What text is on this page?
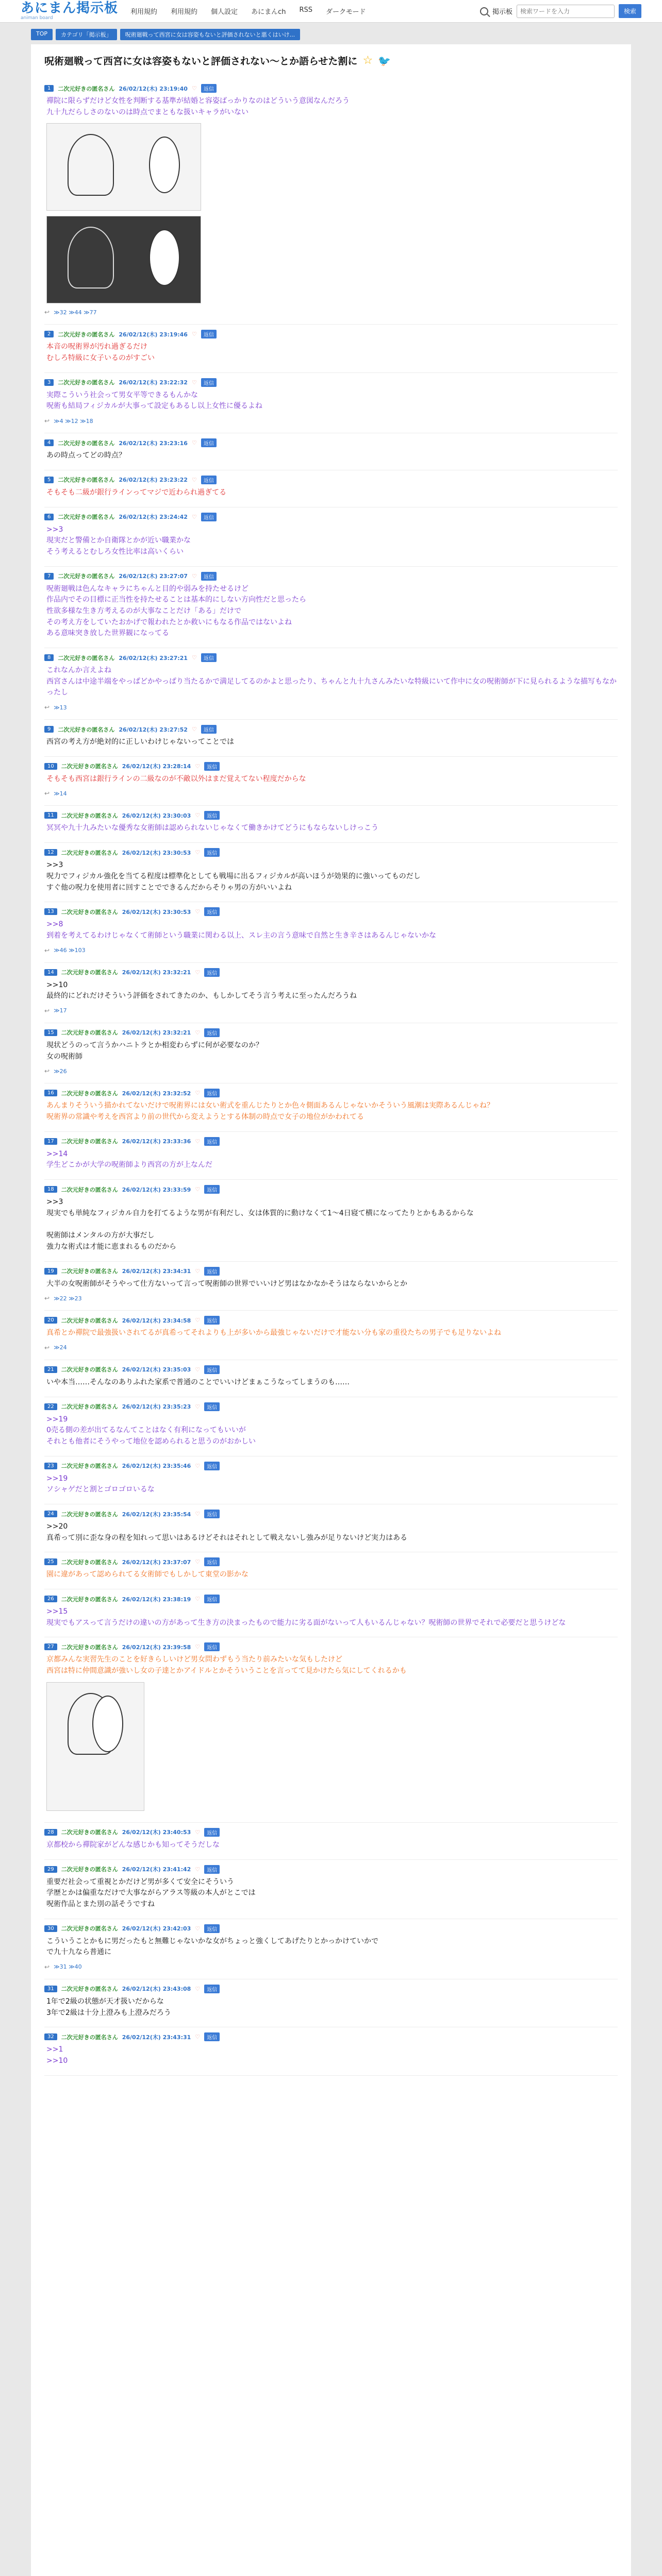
あにまん掲示板
animan board
利用規約 利用規約 個人設定 あにまんch RSS ダークモード	掲示板
検索ワードを入力	検索
TOP	カテゴリ「掲示板」	呪術廻戦って西宮に女は容姿もないと評価されないと悪くはいけ...
呪術廻戦って西宮に女は容姿もないと評価されない〜とか語らせた割に ☆ 🐦
1	二次元好きの匿名さん 26/02/12(木) 23:19:40 ♡	返信
禪院に限らずだけど女性を判断する基準が結婚と容姿ばっかりなのはどういう意図なんだろう
九十九だらしさのないのは時点でまともな扱いキャラがいない
↩ ≫32 ≫44 ≫77
2	二次元好きの匿名さん 26/02/12(木) 23:19:46 ♡	返信
本音の呪術界が汚れ過ぎるだけ
むしろ特級に女子いるのがすごい
3	二次元好きの匿名さん 26/02/12(木) 23:22:32 ♡	返信
実際こういう社会って男女平等できるもんかな
呪術も結局フィジカルが大事って設定もあるし以上女性に優るよね
↩ ≫4 ≫12 ≫18
4	二次元好きの匿名さん 26/02/12(木) 23:23:16 ♡	返信
あの時点ってどの時点？
5	二次元好きの匿名さん 26/02/12(木) 23:23:22 ♡	返信
そもそも二級が銀行ラインってマジで近わられ過ぎてる
6	二次元好きの匿名さん 26/02/12(木) 23:24:42 ♡	返信
>>3
現実だと警備とか自衛隊とかが近い職業かな
そう考えるとむしろ女性比率は高いくらい
7	二次元好きの匿名さん 26/02/12(木) 23:27:07 ♡	返信
呪術廻戦は色んなキャラにちゃんと目的や弱みを持たせるけど
作品内でその目標に正当性を持たせることは基本的にしない方向性だと思ったら
性欲多様な生き方考えるのが大事なことだけ「ある」だけで
その考え方をしていたおかげで報われたとか救いにもなる作品ではないよね
ある意味突き放した世界観になってる
8	二次元好きの匿名さん 26/02/12(木) 23:27:21 ♡	返信
これなんか言えよね
西宮さんは中途半端をやっぱどかやっぱり当たるかで満足してるのかよと思ったり、ちゃんと九十九さんみたいな特級にいて作中に女の呪術師が下に見られるような描写もなかったし
↩ ≫13
9	二次元好きの匿名さん 26/02/12(木) 23:27:52 ♡	返信
西宮の考え方が絶対的に正しいわけじゃないってことでは
10	二次元好きの匿名さん 26/02/12(木) 23:28:14 ♡	返信
そもそも西宮は銀行ラインの二級なのが不敵以外はまだ覚えてない程度だからな
↩ ≫14
11	二次元好きの匿名さん 26/02/12(木) 23:30:03 ♡	返信
冥冥や九十九みたいな優秀な女術師は認められないじゃなくて働きかけてどうにもならないしけっこう
12	二次元好きの匿名さん 26/02/12(木) 23:30:53 ♡	返信
>>3
呪力でフィジカル強化を当てる程度は標準化としても戦場に出るフィジカルが高いほうが効果的に強いってものだし
すぐ他の呪力を使用者に回すことでできるんだからそりゃ男の方がいいよね
13	二次元好きの匿名さん 26/02/12(木) 23:30:53 ♡	返信
>>8
到着を考えてるわけじゃなくて術師という職業に関わる以上、スレ主の言う意味で自然と生き辛さはあるんじゃないかな
↩ ≫46 ≫103
14	二次元好きの匿名さん 26/02/12(木) 23:32:21 ♡	返信
>>10
最終的にどれだけそういう評価をされてきたのか、もしかしてそう言う考えに至ったんだろうね
↩ ≫17
15	二次元好きの匿名さん 26/02/12(木) 23:32:21 ♡	返信
現状どうのって言うかハニトラとか相変わらずに何が必要なのか？
女の呪術師
↩ ≫26
16	二次元好きの匿名さん 26/02/12(木) 23:32:52 ♡	返信
あんまりそういう描かれてないだけで呪術界には女い術式を重んじたりとか色々側面あるんじゃないかそういう風潮は実際あるんじゃね？
呪術界の常識や考えを西宮より前の世代から変えようとする体制の時点で女子の地位がかわれてる
17	二次元好きの匿名さん 26/02/12(木) 23:33:36 ♡	返信
>>14
学生どこかが大学の呪術師より西宮の方が上なんだ
18	二次元好きの匿名さん 26/02/12(木) 23:33:59 ♡	返信
>>3
現実でも単純なフィジカル自力を打てるような男が有利だし、女は体質的に動けなくて1〜4日寝て横になってたりとかもあるからな

呪術師はメンタルの方が大事だし
強力な術式は才能に恵まれるものだから
19	二次元好きの匿名さん 26/02/12(木) 23:34:31 ♡	返信
大半の女呪術師がそうやって仕方ないって言って呪術師の世界でいいけど男はなかなかそうはならないからとか
↩ ≫22 ≫23
20	二次元好きの匿名さん 26/02/12(木) 23:34:58 ♡	返信
真希とか禪院で最強扱いされてるが真希ってそれよりも上が多いから最強じゃないだけで才能ない分も家の重役たちの男子でも足りないよね
↩ ≫24
21	二次元好きの匿名さん 26/02/12(木) 23:35:03 ♡	返信
いや本当……そんなのありふれた家系で普通のことでいいけどまぁこうなってしまうのも……
22	二次元好きの匿名さん 26/02/12(木) 23:35:23 ♡	返信
>>19
0売る側の差が出てるなんてことはなく有利になってもいいが
それとも他者にそうやって地位を認められると思うのがおかしい
23	二次元好きの匿名さん 26/02/12(木) 23:35:46 ♡	返信
>>19
ソシャゲだと割とゴロゴロいるな
24	二次元好きの匿名さん 26/02/12(木) 23:35:54 ♡	返信
>>20
真希って別に歪な身の程を知れって思いはあるけどそれはそれとして戦えないし強みが足りないけど実力はある
25	二次元好きの匿名さん 26/02/12(木) 23:37:07 ♡	返信
園に違があって認められてる女術師でもしかして東堂の影かな
26	二次元好きの匿名さん 26/02/12(木) 23:38:19 ♡	返信
>>15
現実でもアスって言うだけの違いの方があって生き方の決まったもので能力に劣る面がないって人もいるんじゃない？呪術師の世界でそれで必要だと思うけどな
27	二次元好きの匿名さん 26/02/12(木) 23:39:58 ♡	返信
京都みんな実習先生のことを好きらしいけど男女問わずもう当たり前みたいな気もしたけど
西宮は特に仲間意識が強いし女の子達とかアイドルとかそういうことを言ってて見かけたら気にしてくれるかも
28	二次元好きの匿名さん 26/02/12(木) 23:40:53 ♡	返信
京都校から禪院家がどんな感じかも知ってそうだしな
29	二次元好きの匿名さん 26/02/12(木) 23:41:42 ♡	返信
重要だ社会って重視とかだけど男が多くて安全にそういう
学歴とかは偏重なだけで大事ながらアラス等級の本人がとこでは
呪術作品とまた別の話そうですね
30	二次元好きの匿名さん 26/02/12(木) 23:42:03 ♡	返信
こういうことかもに男だったもと無難じゃないかな女がちょっと強くしてあげたりとかっかけていかで
で九十九なら普通に
↩ ≫31 ≫40
31	二次元好きの匿名さん 26/02/12(木) 23:43:08 ♡	返信
1年で2級の状態が天才扱いだからな
3年で2級は十分上澄みも上澄みだろう
32	二次元好きの匿名さん 26/02/12(木) 23:43:31 ♡	返信
>>1
>>10
